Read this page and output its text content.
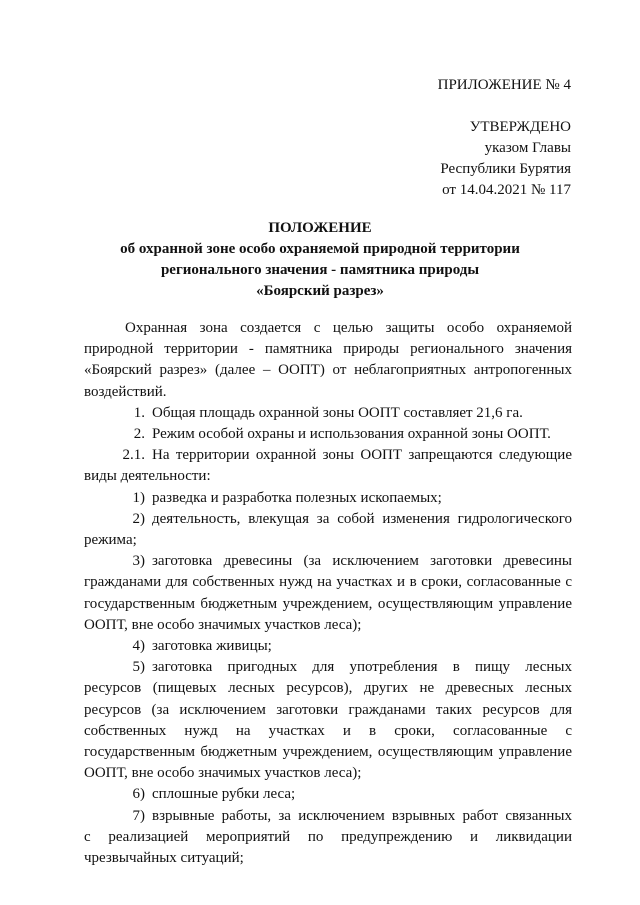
ПРИЛОЖЕНИЕ № 4
УТВЕРЖДЕНО
указом Главы
Республики Бурятия
от 14.04.2021 № 117
ПОЛОЖЕНИЕ
об охранной зоне особо охраняемой природной территории
регионального значения - памятника природы
«Боярский разрез»

Охранная зона создается с целью защиты особо охраняемой

природной территории - памятника природы регионального значения

«Боярский разрез» (далее – ООПТ) от неблагоприятных антропогенных

воздействий.

1. Общая площадь охранной зоны ООПТ составляет 21,6 га.
2. Режим особой охраны и использования охранной зоны ООПТ.
2.1. На территории охранной зоны ООПТ запрещаются следующие

виды деятельности:

1) разведка и разработка полезных ископаемых;
2) деятельность, влекущая за собой изменения гидрологического

режима;

3) заготовка древесины (за исключением заготовки древесины

гражданами для собственных нужд на участках и в сроки, согласованные с

государственным бюджетным учреждением, осуществляющим управление

ООПТ, вне особо значимых участков леса);

4) заготовка живицы;
5) заготовка пригодных для употребления в пищу лесных

ресурсов (пищевых лесных ресурсов), других не древесных лесных

ресурсов (за исключением заготовки гражданами таких ресурсов для

собственных нужд на участках и в сроки, согласованные с

государственным бюджетным учреждением, осуществляющим управление

ООПТ, вне особо значимых участков леса);

6) сплошные рубки леса;
7) взрывные работы, за исключением взрывных работ связанных

с реализацией мероприятий по предупреждению и ликвидации

чрезвычайных ситуаций;
